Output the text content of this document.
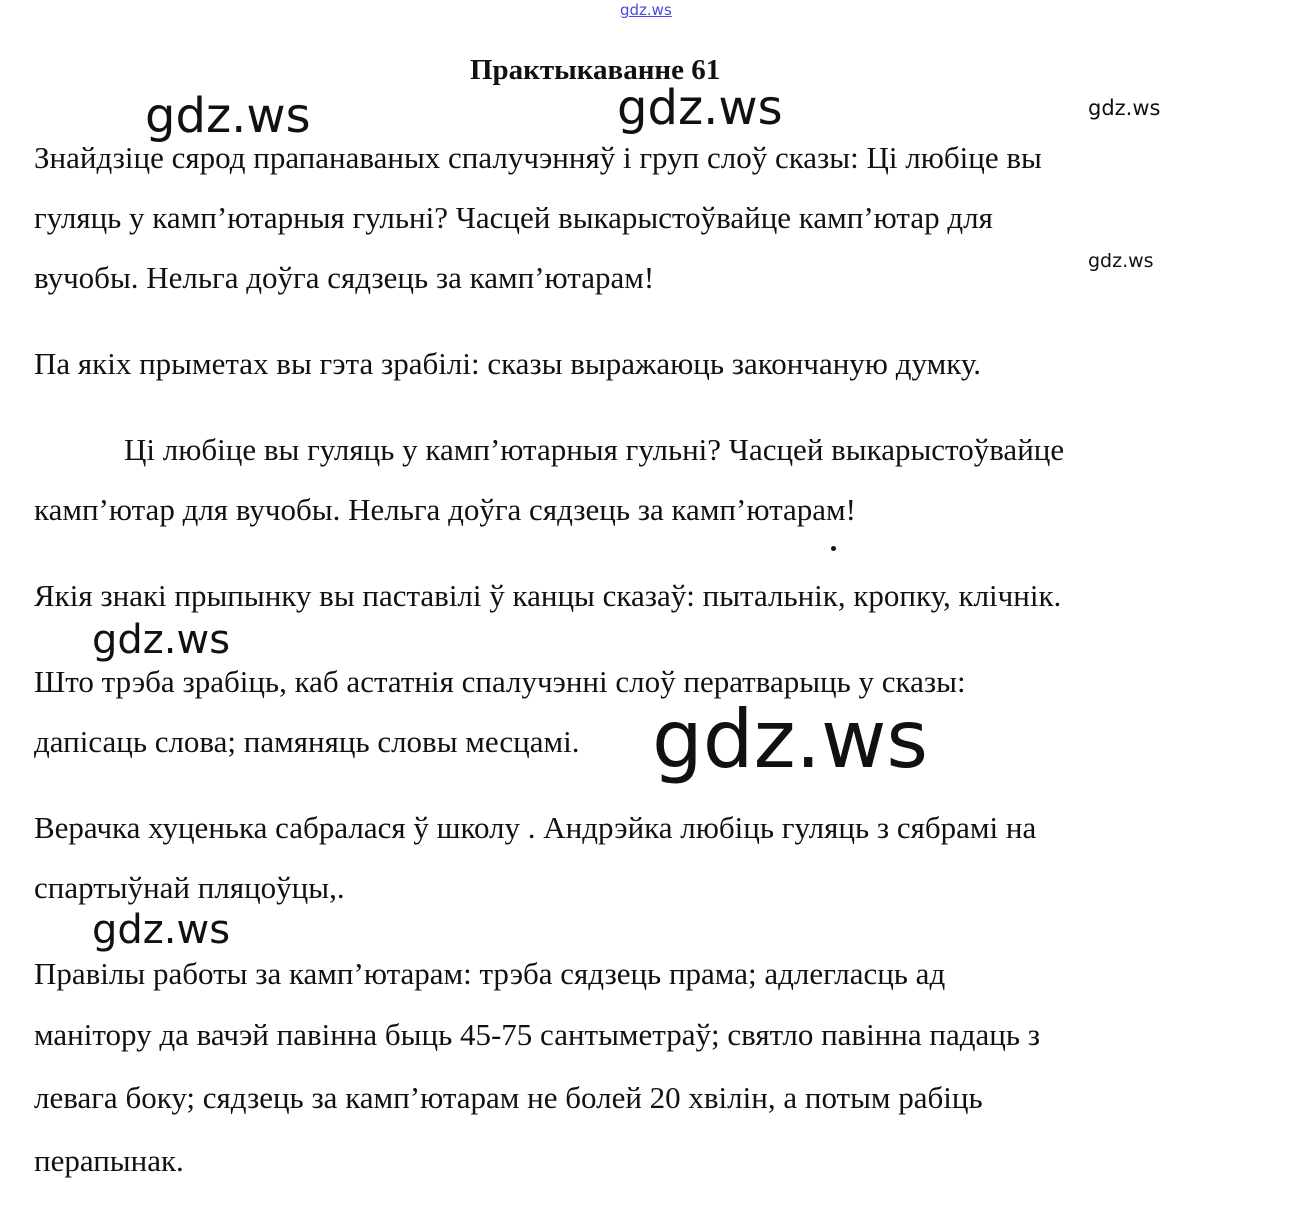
gdz.ws
Практыкаванне 61
gdz.ws	gdz.ws	gdz.ws
Знайдзіце сярод прапанаваных спалучэнняў і груп слоў сказы: Ці любіце вы
гуляць у камп’ютарныя гульні? Часцей выкарыстоўвайце камп’ютар для
gdz.ws
вучобы. Нельга доўга сядзець за камп’ютарам!
Па якіх прыметах вы гэта зрабілі: сказы выражаюць закончаную думку.
Ці любіце вы гуляць у камп’ютарныя гульні? Часцей выкарыстоўвайце
камп’ютар для вучобы. Нельга доўга сядзець за камп’ютарам!
Якія знакі прыпынку вы паставілі ў канцы сказаў: пытальнік, кропку, клічнік.
gdz.ws
Што трэба зрабіць, каб астатнія спалучэнні слоў ператварыць у сказы:
дапісаць слова; памяняць словы месцамі. gdz.ws
Верачка хуценька сабралася ў школу . Андрэйка любіць гуляць з сябрамі на
спартыўнай пляцоўцы,.
gdz.ws
Правілы работы за камп’ютарам: трэба сядзець прама; адлегласць ад
манітору да вачэй павінна быць 45-75 сантыметраў; святло павінна падаць з
левага боку; сядзець за камп’ютарам не болей 20 хвілін, а потым рабіць
перапынак.
